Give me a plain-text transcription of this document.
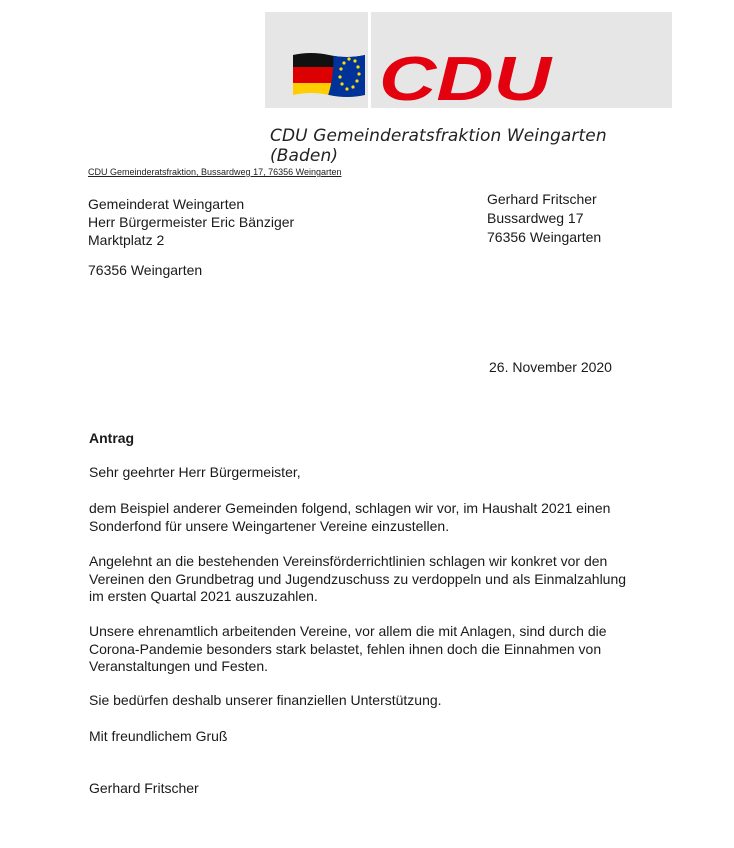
CDU
CDU Gemeinderatsfraktion Weingarten (Baden)
CDU Gemeinderatsfraktion, Bussardweg 17, 76356 Weingarten
Gemeinderat Weingarten
Herr Bürgermeister Eric Bänziger
Marktplatz 2
76356 Weingarten
Gerhard Fritscher
Bussardweg 17
76356 Weingarten
26. November 2020
Antrag
Sehr geehrter Herr Bürgermeister,
dem Beispiel anderer Gemeinden folgend, schlagen wir vor, im Haushalt 2021 einen
Sonderfond für unsere Weingartener Vereine einzustellen.
Angelehnt an die bestehenden Vereinsförderrichtlinien schlagen wir konkret vor den
Vereinen den Grundbetrag und Jugendzuschuss zu verdoppeln und als Einmalzahlung
im ersten Quartal 2021 auszuzahlen.
Unsere ehrenamtlich arbeitenden Vereine, vor allem die mit Anlagen, sind durch die
Corona-Pandemie besonders stark belastet, fehlen ihnen doch die Einnahmen von
Veranstaltungen und Festen.
Sie bedürfen deshalb unserer finanziellen Unterstützung.
Mit freundlichem Gruß
Gerhard Fritscher
